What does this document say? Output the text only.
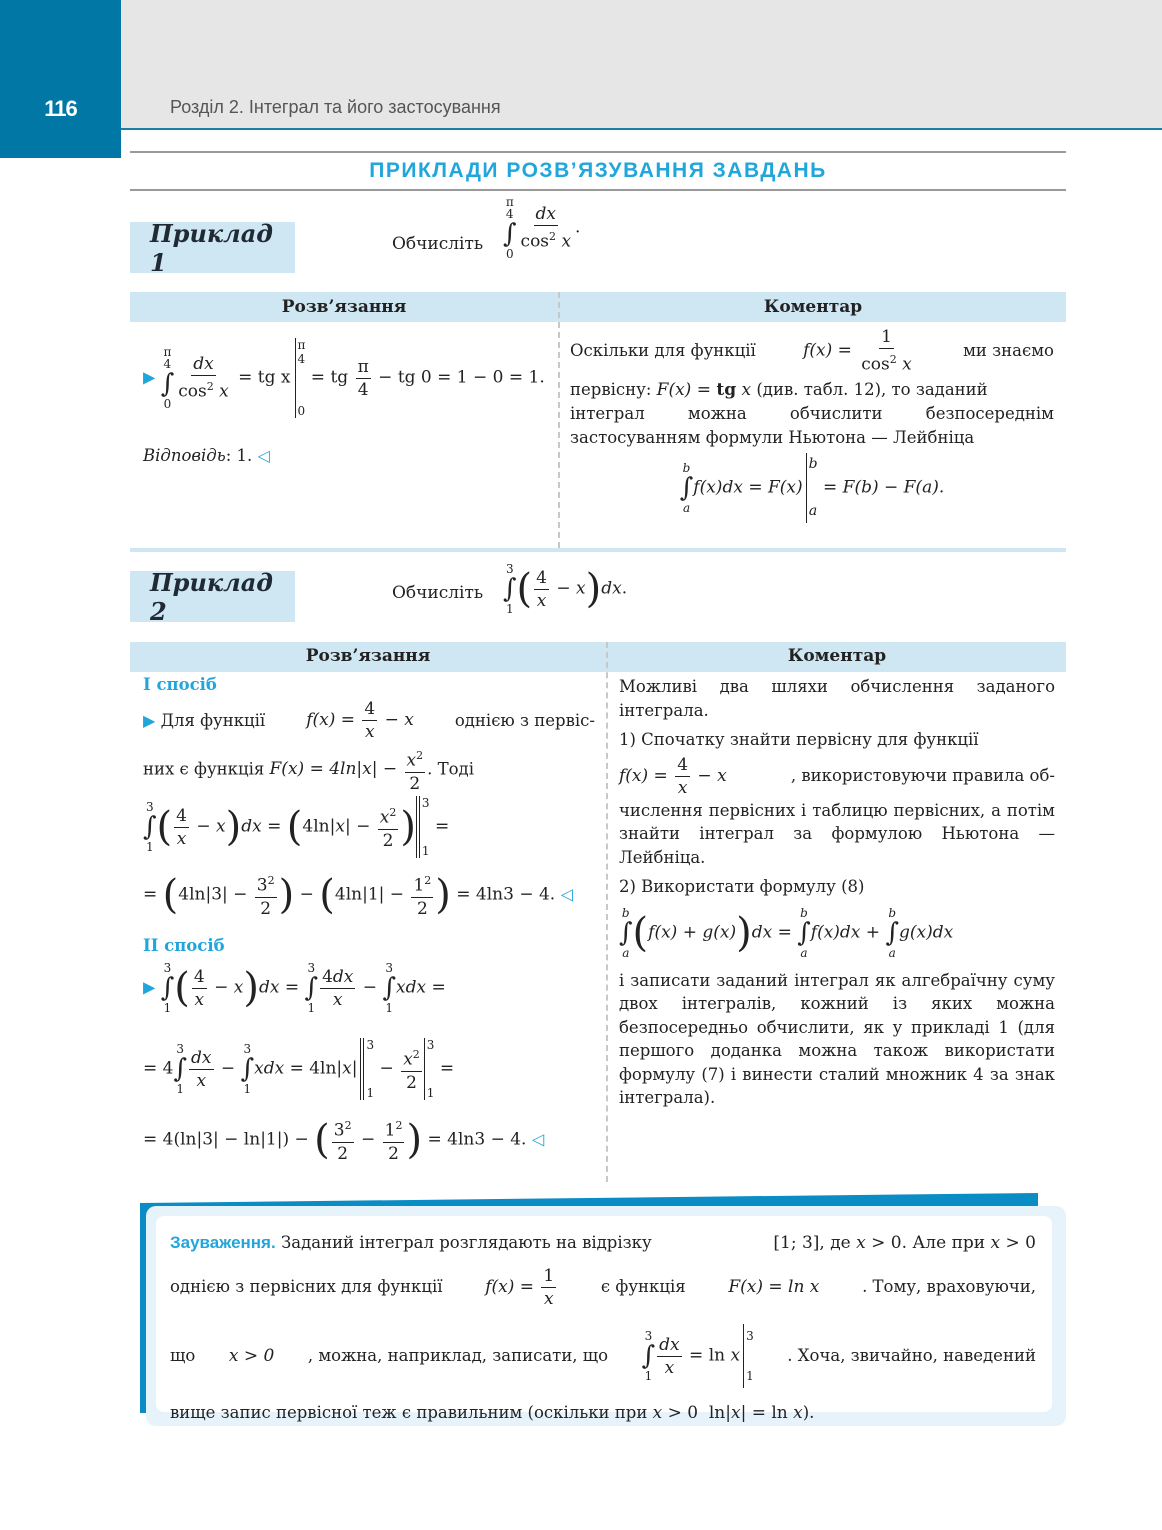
116	Розділ 2. Інтеграл та його застосування
ПРИКЛАДИ РОЗВ’ЯЗУВАННЯ ЗАВДАНЬ
Приклад 1
Обчисліть
π
4
∫
0
$\frac{dx}{\cos^2 x}$ .
Розв’язання	Коментар
▶
π
4
∫
0
$\frac{dx}{\cos^2 x}$ = tg x
π
4
0
= tg $\frac{\pi}{4}$ − tg 0 = 1 − 0 = 1.
Відповідь: 1. ◁
Оскільки для функції	$f(x) = \frac{1}{\cos^2 x}$	ми знаємо
первісну: F(x) = tg x (див. табл. 12), то заданий
інтеграл можна обчислити безпосереднім застосуванням формули Ньютона — Лейбніца
b
∫
a
f(x)dx = F(x)
b
a
= F(b) − F(a).
Приклад 2
Обчисліть
3
∫
1 ( $\frac{4}{x} - x)dx$.
Розв’язання	Коментар
I спосіб
▶ Для функції $f(x) = \frac{4}{x} - x$ однією з первіс-
них є функція $F(x) = 4\ln|x| - \frac{x^2}{2}$ . Тоді
3
∫
1 ( $\frac{4}{x} - x)dx = (4\ln|x| - \frac{x^2}{2}$ )
3
1
=
= ($4\ln|3| - \frac{3^2}{2}$ ) − ($4\ln|1| - \frac{1^2}{2}$ ) = 4ln3 − 4. ◁
II спосіб
▶
3
∫
1 ( $\frac{4}{x} - x)dx$ =
3
∫
$1 \frac{4dx}{x}$ −
3
∫
1
xdx =
= 4
3
∫
$1 \frac{dx}{x}$ −
3
∫
1
xdx = 4ln|x|
3
1
− $\frac{x^2}{2} 3$
1
=
= 4(ln|3| − ln|1|) − ( $\frac{3^2}{2} - \frac{1^2}{2}$ ) = 4ln3 − 4. ◁
Можливі два шляхи обчислення заданого інтеграла.
1) Спочатку знайти первісну для функції
$f(x) = \frac{4}{x} - x$	, використовуючи правила об-
числення первісних і таблицю первісних, а потім знайти інтеграл за формулою Ньютона — Лейбніца.
2) Використати формулу (8)
b
∫
a (f(x) + g(x))dx =
b
∫
a
f(x)dx +
b
∫
a
g(x)dx
і записати заданий інтеграл як алгебраїчну суму двох інтегралів, кожний із яких можна безпосередньо обчислити, як у прикладі 1 (для першого доданка можна також використати формулу (7) і винести сталий множник 4 за знак інтеграла).
Зауваження. Заданий інтеграл розглядають на відрізку	[1; 3], де x > 0. Але при x > 0
однією з первісних для функції	$f(x) = \frac{1}{x}$	є функція	F(x) = ln x	. Тому, враховуючи,
що x > 0 , можна, наприклад, записати, що
3
∫
$1 \frac{dx}{x} = \ln x$
3
1
. Хоча, звичайно, наведений
вище запис первісної теж є правильним (оскільки при
x > 0  ln|x| = ln x ).
